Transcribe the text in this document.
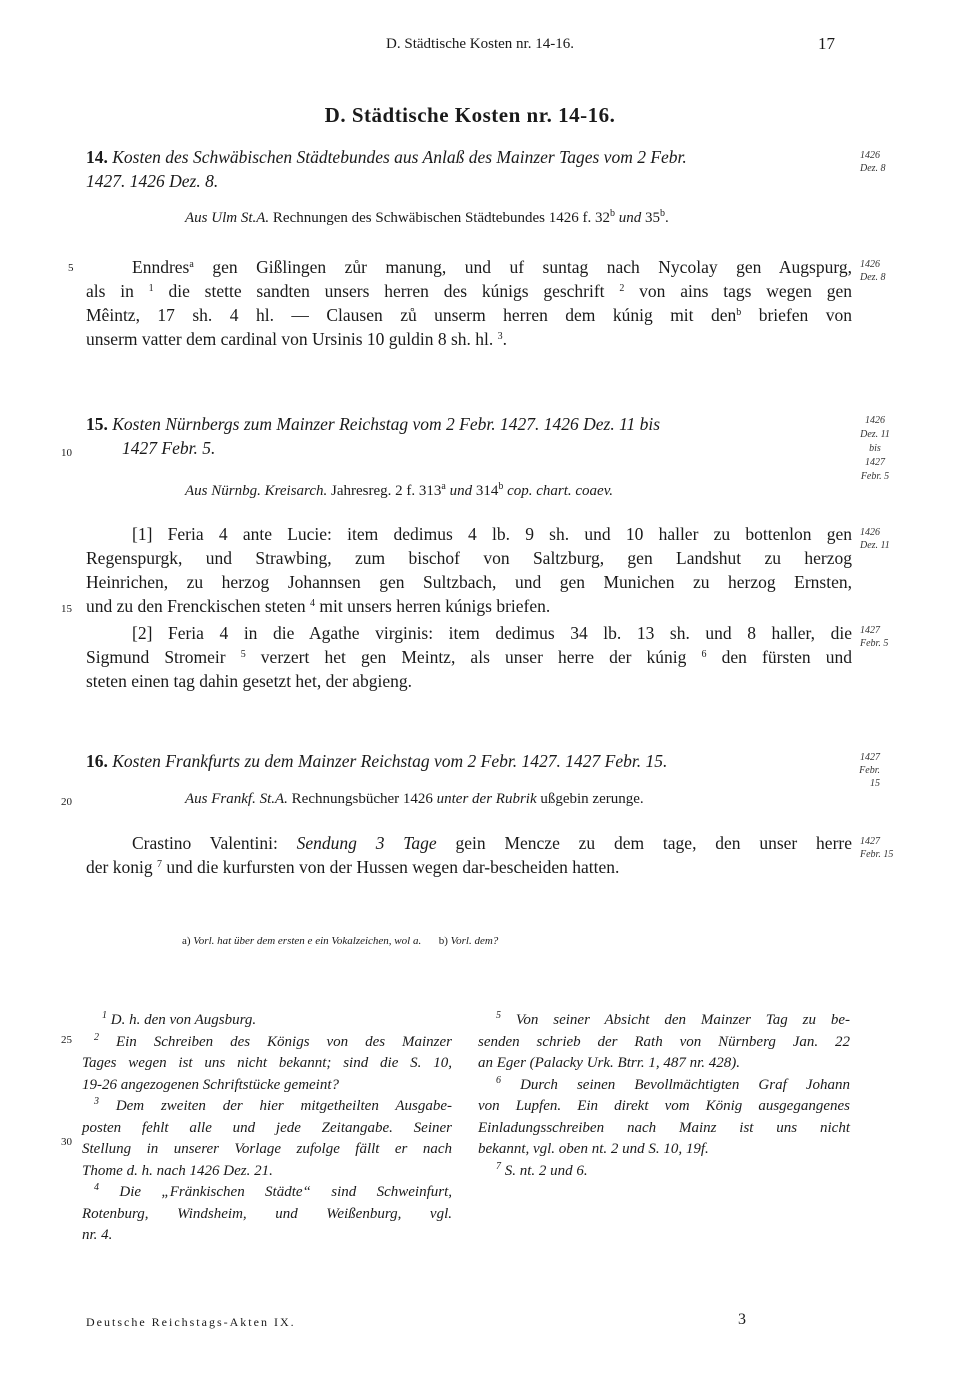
D. Städtische Kosten nr. 14-16.	17
D. Städtische Kosten nr. 14-16.
5
10
15
20
25
30
14. Kosten des Schwäbischen Städtebundes aus Anlaß des Mainzer Tages vom 2 Febr.
1427. 1426 Dez. 8.
1426
Dez. 8
Aus Ulm St.A. Rechnungen des Schwäbischen Städtebundes 1426 f. 32$^b$ und 35$^b$.
Enndres$^a$ gen Gißlingen zůr manung, und uf suntag nach Nycolay gen Augspurg,
als in $^1$ die stette sandten unsers herren des kúnigs geschrift $^2$ von ains tags wegen gen
Mêintz, 17 sh. 4 hl. — Clausen zů unserm herren dem kúnig mit den$^b$ briefen von
unserm vatter dem cardinal von Ursinis 10 guldin 8 sh. hl. $^3$.
1426
Dez. 8
15. Kosten Nürnbergs zum Mainzer Reichstag vom 2 Febr. 1427. 1426 Dez. 11 bis
1427 Febr. 5.
1426
Dez. 11
bis
1427
Febr. 5
Aus Nürnbg. Kreisarch. Jahresreg. 2 f. 313$^a$ und 314$^b$ cop. chart. coaev.
[1] Feria 4 ante Lucie: item dedimus 4 lb. 9 sh. und 10 haller zu bottenlon gen
Regenspurgk, und Strawbing, zum bischof von Saltzburg, gen Landshut zu herzog
Heinrichen, zu herzog Johannsen gen Sultzbach, und gen Munichen zu herzog Ernsten,
und zu den Frenckischen steten $^4$ mit unsers herren kúnigs briefen.
1426
Dez. 11
[2] Feria 4 in die Agathe virginis: item dedimus 34 lb. 13 sh. und 8 haller, die
Sigmund Stromeir $^5$ verzert het gen Meintz, als unser herre der kúnig $^6$ den fürsten und
steten einen tag dahin gesetzt het, der abgieng.
1427
Febr. 5
16. Kosten Frankfurts zu dem Mainzer Reichstag vom 2 Febr. 1427. 1427 Febr. 15.	1427
Febr. 15
Aus Frankf. St.A. Rechnungsbücher 1426 unter der Rubrik ußgebin zerunge.
Crastino Valentini: Sendung 3 Tage gein Mencze zu dem tage, den unser herre
der konig $^7$ und die kurfursten von der Hussen wegen dar-bescheiden hatten.
1427
Febr. 15
a) Vorl. hat über dem ersten e ein Vokalzeichen, wol a. b) Vorl. dem?

$^1$ D. h. den von Augsburg.

$^2$ Ein Schreiben des Königs von des Mainzer

Tages wegen ist uns nicht bekannt; sind die S. 10,

19-26 angezogenen Schriftstücke gemeint?

$^3$ Dem zweiten der hier mitgetheilten Ausgabe-

posten fehlt alle und jede Zeitangabe. Seiner

Stellung in unserer Vorlage zufolge fällt er nach

Thome d. h. nach 1426 Dez. 21.

$^4$ Die „Fränkischen Städte“ sind Schweinfurt,

Rotenburg, Windsheim, und Weißenburg, vgl.

nr. 4.

$^5$ Von seiner Absicht den Mainzer Tag zu be-

senden schrieb der Rath von Nürnberg Jan. 22

an Eger (Palacky Urk. Btrr. 1, 487 nr. 428).

$^6$ Durch seinen Bevollmächtigten Graf Johann

von Lupfen. Ein direkt vom König ausgegangenes

Einladungsschreiben nach Mainz ist uns nicht

bekannt, vgl. oben nt. 2 und S. 10, 19f.

$^7$ S. nt. 2 und 6.

Deutsche Reichstags-Akten IX.	3
